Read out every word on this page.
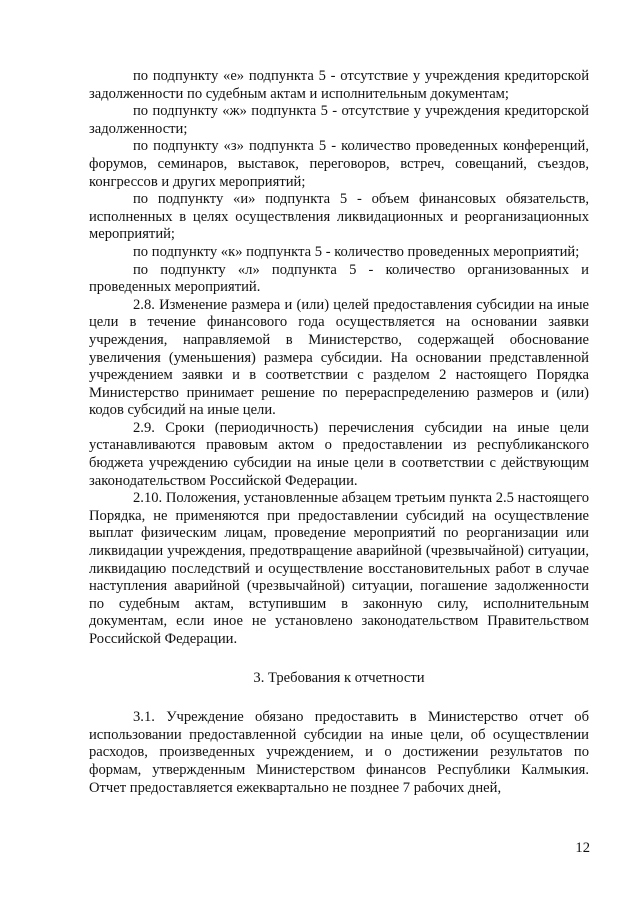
по подпункту «е» подпункта 5 - отсутствие у учреждения кредиторской задолженности по судебным актам и исполнительным документам;

по подпункту «ж» подпункта 5 - отсутствие у учреждения кредиторской задолженности;

по подпункту «з» подпункта 5 - количество проведенных конференций, форумов, семинаров, выставок, переговоров, встреч, совещаний, съездов, конгрессов и других мероприятий;

по подпункту «и» подпункта 5 - объем финансовых обязательств, исполненных в целях осуществления ликвидационных и реорганизационных мероприятий;

по подпункту «к» подпункта 5 - количество проведенных мероприятий;

по подпункту «л» подпункта 5 - количество организованных и проведенных мероприятий.

2.8. Изменение размера и (или) целей предоставления субсидии на иные цели в течение финансового года осуществляется на основании заявки учреждения, направляемой в Министерство, содержащей обоснование увеличения (уменьшения) размера субсидии. На основании представленной учреждением заявки и в соответствии с разделом 2 настоящего Порядка Министерство принимает решение по перераспределению размеров и (или) кодов субсидий на иные цели.

2.9. Сроки (периодичность) перечисления субсидии на иные цели устанавливаются правовым актом о предоставлении из республиканского бюджета учреждению субсидии на иные цели в соответствии с действующим законодательством Российской Федерации.

2.10. Положения, установленные абзацем третьим пункта 2.5 настоящего Порядка, не применяются при предоставлении субсидий на осуществление выплат физическим лицам, проведение мероприятий по реорганизации или ликвидации учреждения, предотвращение аварийной (чрезвычайной) ситуации, ликвидацию последствий и осуществление восстановительных работ в случае наступления аварийной (чрезвычайной) ситуации, погашение задолженности по судебным актам, вступившим в законную силу, исполнительным документам, если иное не установлено законодательством Правительством Российской Федерации.

3. Требования к отчетности

3.1. Учреждение обязано предоставить в Министерство отчет об использовании предоставленной субсидии на иные цели, об осуществлении расходов, произведенных учреждением, и о достижении результатов по формам, утвержденным Министерством финансов Республики Калмыкия. Отчет предоставляется ежеквартально не позднее 7 рабочих дней,

12
